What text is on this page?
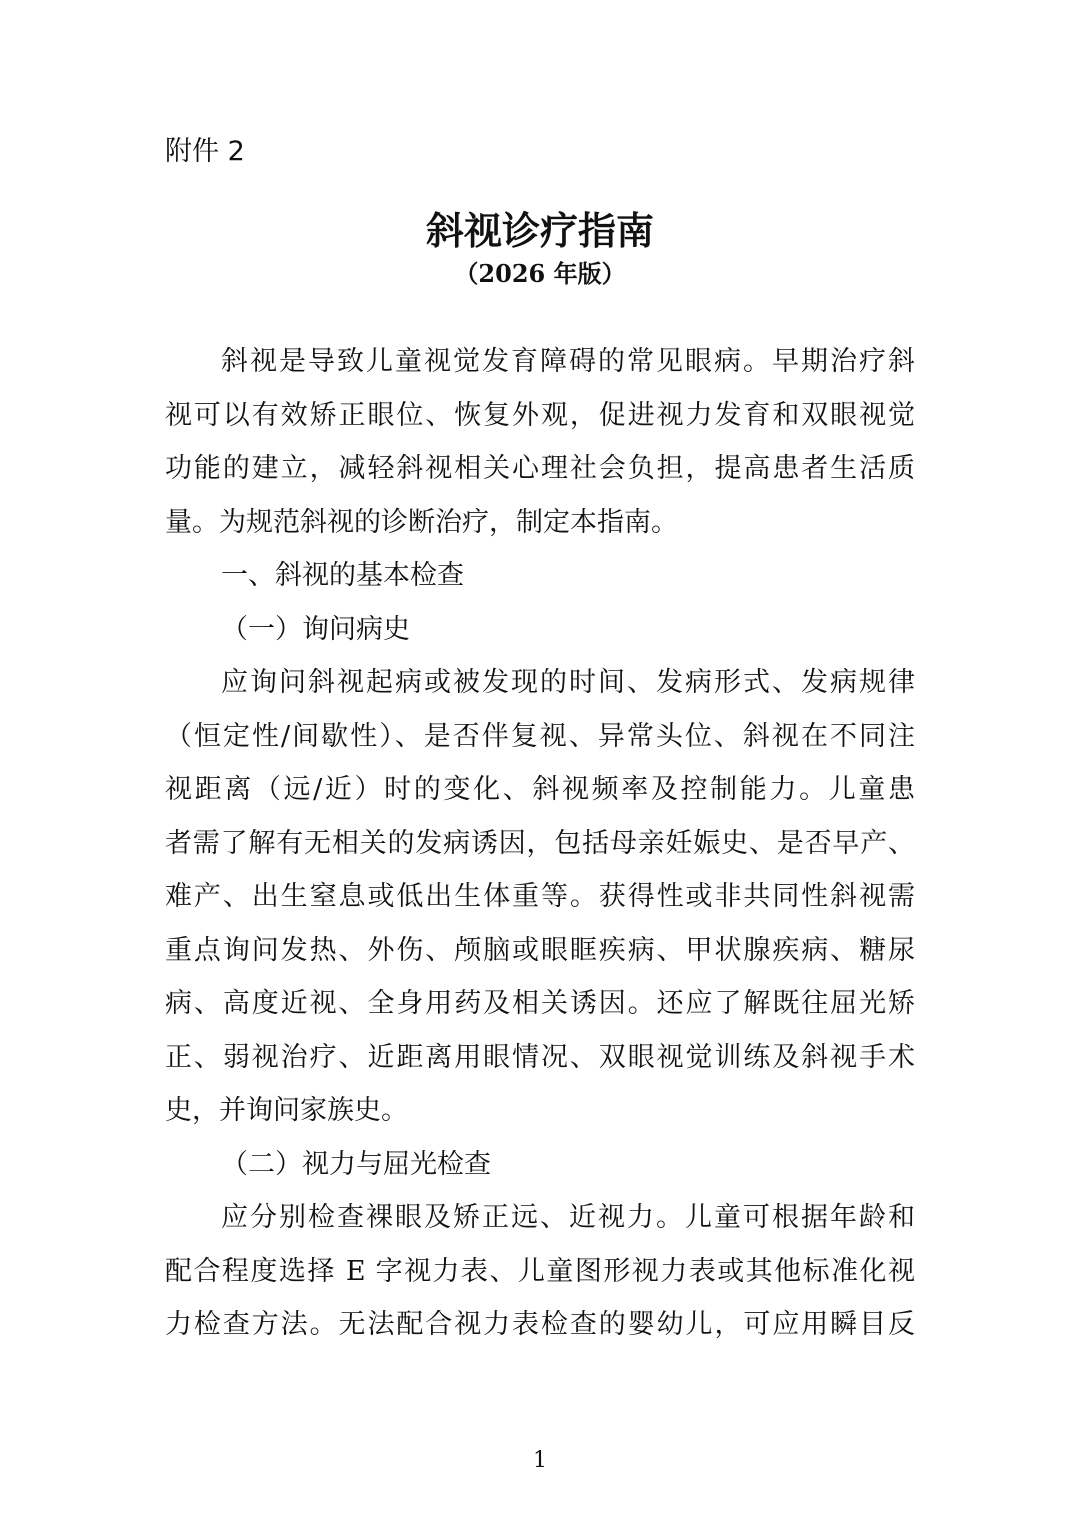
附件 2
斜视诊疗指南
（2026 年版）
斜视是导致儿童视觉发育障碍的常见眼病。早期治疗斜
视可以有效矫正眼位、恢复外观，促进视力发育和双眼视觉
功能的建立，减轻斜视相关心理社会负担，提高患者生活质
量。为规范斜视的诊断治疗，制定本指南。
一、斜视的基本检查
（一）询问病史
应询问斜视起病或被发现的时间、发病形式、发病规律
（恒定性/间歇性）、是否伴复视、异常头位、斜视在不同注
视距离（远/近）时的变化、斜视频率及控制能力。儿童患
者需了解有无相关的发病诱因，包括母亲妊娠史、是否早产、
难产、出生窒息或低出生体重等。获得性或非共同性斜视需
重点询问发热、外伤、颅脑或眼眶疾病、甲状腺疾病、糖尿
病、高度近视、全身用药及相关诱因。还应了解既往屈光矫
正、弱视治疗、近距离用眼情况、双眼视觉训练及斜视手术
史，并询问家族史。
（二）视力与屈光检查
应分别检查裸眼及矫正远、近视力。儿童可根据年龄和
配合程度选择 E 字视力表、儿童图形视力表或其他标准化视
力检查方法。无法配合视力表检查的婴幼儿，可应用瞬目反
1
